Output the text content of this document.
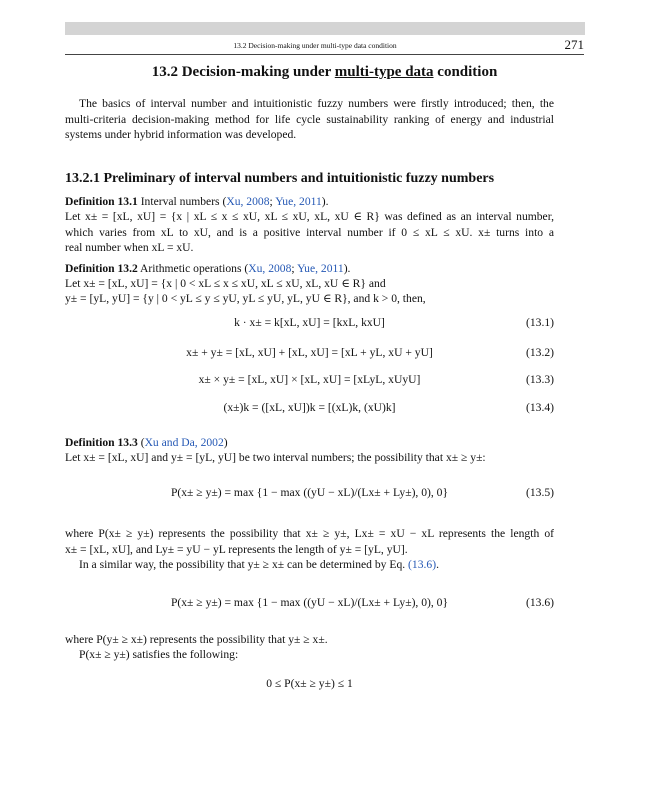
13.2 Decision-making under multi-type data condition	271
13.2 Decision-making under multi-type data condition
The basics of interval number and intuitionistic fuzzy numbers were firstly introduced; then, the multi-criteria decision-making method for life cycle sustainability ranking of energy and industrial systems under hybrid information was developed.
13.2.1 Preliminary of interval numbers and intuitionistic fuzzy numbers
Definition 13.1 Interval numbers (Xu, 2008; Yue, 2011).
Let x± = [xL, xU] = {x | xL ≤ x ≤ xU, xL ≤ xU, xL, xU ∈ R} was defined as an interval number,
which varies from xL to xU, and is a positive interval number if 0 ≤ xL ≤ xU. x± turns into a
real number when xL = xU.
Definition 13.2 Arithmetic operations (Xu, 2008; Yue, 2011).
Let x± = [xL, xU] = {x | 0 < xL ≤ x ≤ xU, xL ≤ xU, xL, xU ∈ R} and
y± = [yL, yU] = {y | 0 < yL ≤ y ≤ yU, yL ≤ yU, yL, yU ∈ R}, and k > 0, then,
k · x± = k[xL, xU] = [kxL, kxU]	(13.1)
x± + y± = [xL, xU] + [xL, xU] = [xL + yL, xU + yU]	(13.2)
x± × y± = [xL, xU] × [xL, xU] = [xLyL, xUyU]	(13.3)
(x±)k = ([xL, xU])k = [(xL)k, (xU)k]	(13.4)
Definition 13.3 (Xu and Da, 2002)
Let x± = [xL, xU] and y± = [yL, yU] be two interval numbers; the possibility that x± ≥ y±:
P(x± ≥ y±) = max {1 − max ((yU − xL)/(Lx± + Ly±), 0), 0}	(13.5)
where P(x± ≥ y±) represents the possibility that x± ≥ y±, Lx± = xU − xL represents the length of
x± = [xL, xU], and Ly± = yU − yL represents the length of y± = [yL, yU].
In a similar way, the possibility that y± ≥ x± can be determined by Eq. (13.6).
P(x± ≥ y±) = max {1 − max ((yU − xL)/(Lx± + Ly±), 0), 0}	(13.6)
where P(y± ≥ x±) represents the possibility that y± ≥ x±.
P(x± ≥ y±) satisfies the following:
0 ≤ P(x± ≥ y±) ≤ 1
